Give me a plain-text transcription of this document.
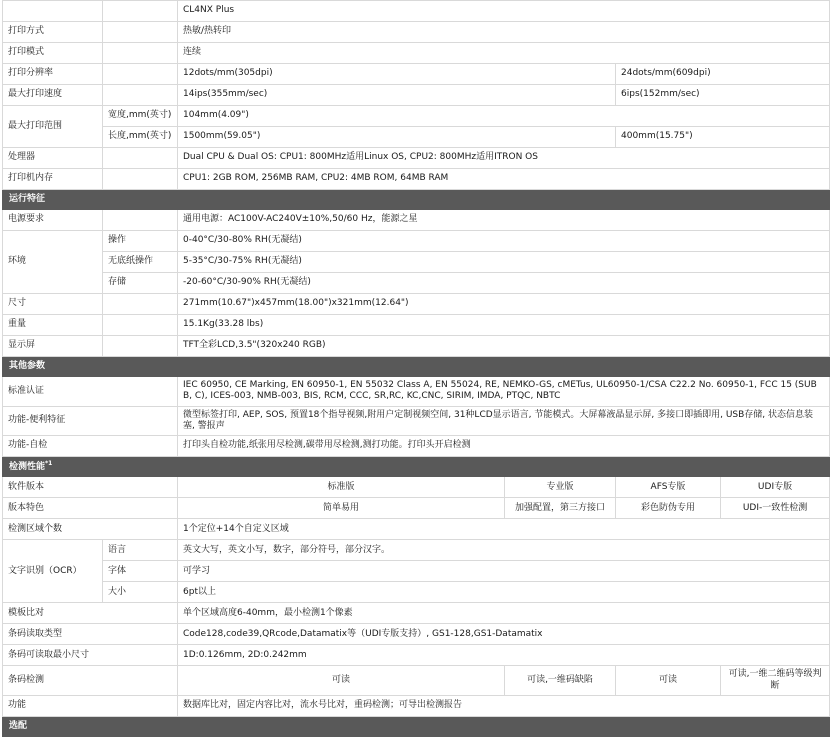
		CL4NX Plus			
打印方式		热敏/热转印			
打印模式		连续			
打印分辨率		12dots/mm(305dpi)		24dots/mm(609dpi)	
最大打印速度		14ips(355mm/sec)		6ips(152mm/sec)	
最大打印范围	宽度,mm(英寸)	104mm(4.09")			
	长度,mm(英寸)	1500mm(59.05")		400mm(15.75")	
处理器		Dual CPU & Dual OS: CPU1: 800MHz适用Linux OS, CPU2: 800MHz适用ITRON OS			
打印机内存		CPU1: 2GB ROM, 256MB RAM, CPU2: 4MB ROM, 64MB RAM			
运行特征					
电源要求		通用电源：AC100V-AC240V±10%,50/60 Hz，能源之星			
环境	操作	0-40°C/30-80% RH(无凝结)			
	无底纸操作	5-35°C/30-75% RH(无凝结)			
	存储	-20-60°C/30-90% RH(无凝结)			
尺寸		271mm(10.67")x457mm(18.00")x321mm(12.64")			
重量		15.1Kg(33.28 lbs)			
显示屏		TFT全彩LCD,3.5"(320x240 RGB)			
其他参数					
标准认证		IEC 60950, CE Marking, EN 60950-1, EN 55032 Class A, EN 55024, RE, NEMKO-GS, cMETus, UL60950-1/CSA C22.2 No. 60950-1, FCC 15 (SUB B, C), ICES-003, NMB-003, BIS, RCM, CCC, SR,RC, KC,CNC, SIRIM, IMDA, PTQC, NBTC			
功能-便利特征		微型标签打印, AEP, SOS, 预置18个指导视频,附用户定制视频空间, 31种LCD显示语言, 节能模式。大屏幕液晶显示屏, 多接口即插即用, USB存储, 状态信息装塞, 警报声			
功能-自检		打印头自检功能,纸张用尽检测,碳带用尽检测,测打功能。打印头开启检测			
检测性能$^{*1}$
软件版本		标准版	专业版	AFS专版	UDI专版
版本特色		简单易用	加强配置，第三方接口	彩色防伪专用	UDI-一致性检测
检测区域个数		1个定位+14个自定义区域			
文字识别（OCR）	语言	英文大写，英文小写，数字，部分符号，部分汉字。			
	字体	可学习			
	大小	6pt以上			
模板比对		单个区域高度6-40mm，最小检测1个像素			
条码读取类型		Code128,code39,QRcode,Datamatix等（UDI专版支持）, GS1-128,GS1-Datamatix			
条码可读取最小尺寸		1D:0.126mm, 2D:0.242mm			
条码检测		可读	可读,一维码缺陷	可读	可读,一维二维码等级判断
功能		数据库比对，固定内容比对，流水号比对，重码检测；可导出检测报告			
选配					
